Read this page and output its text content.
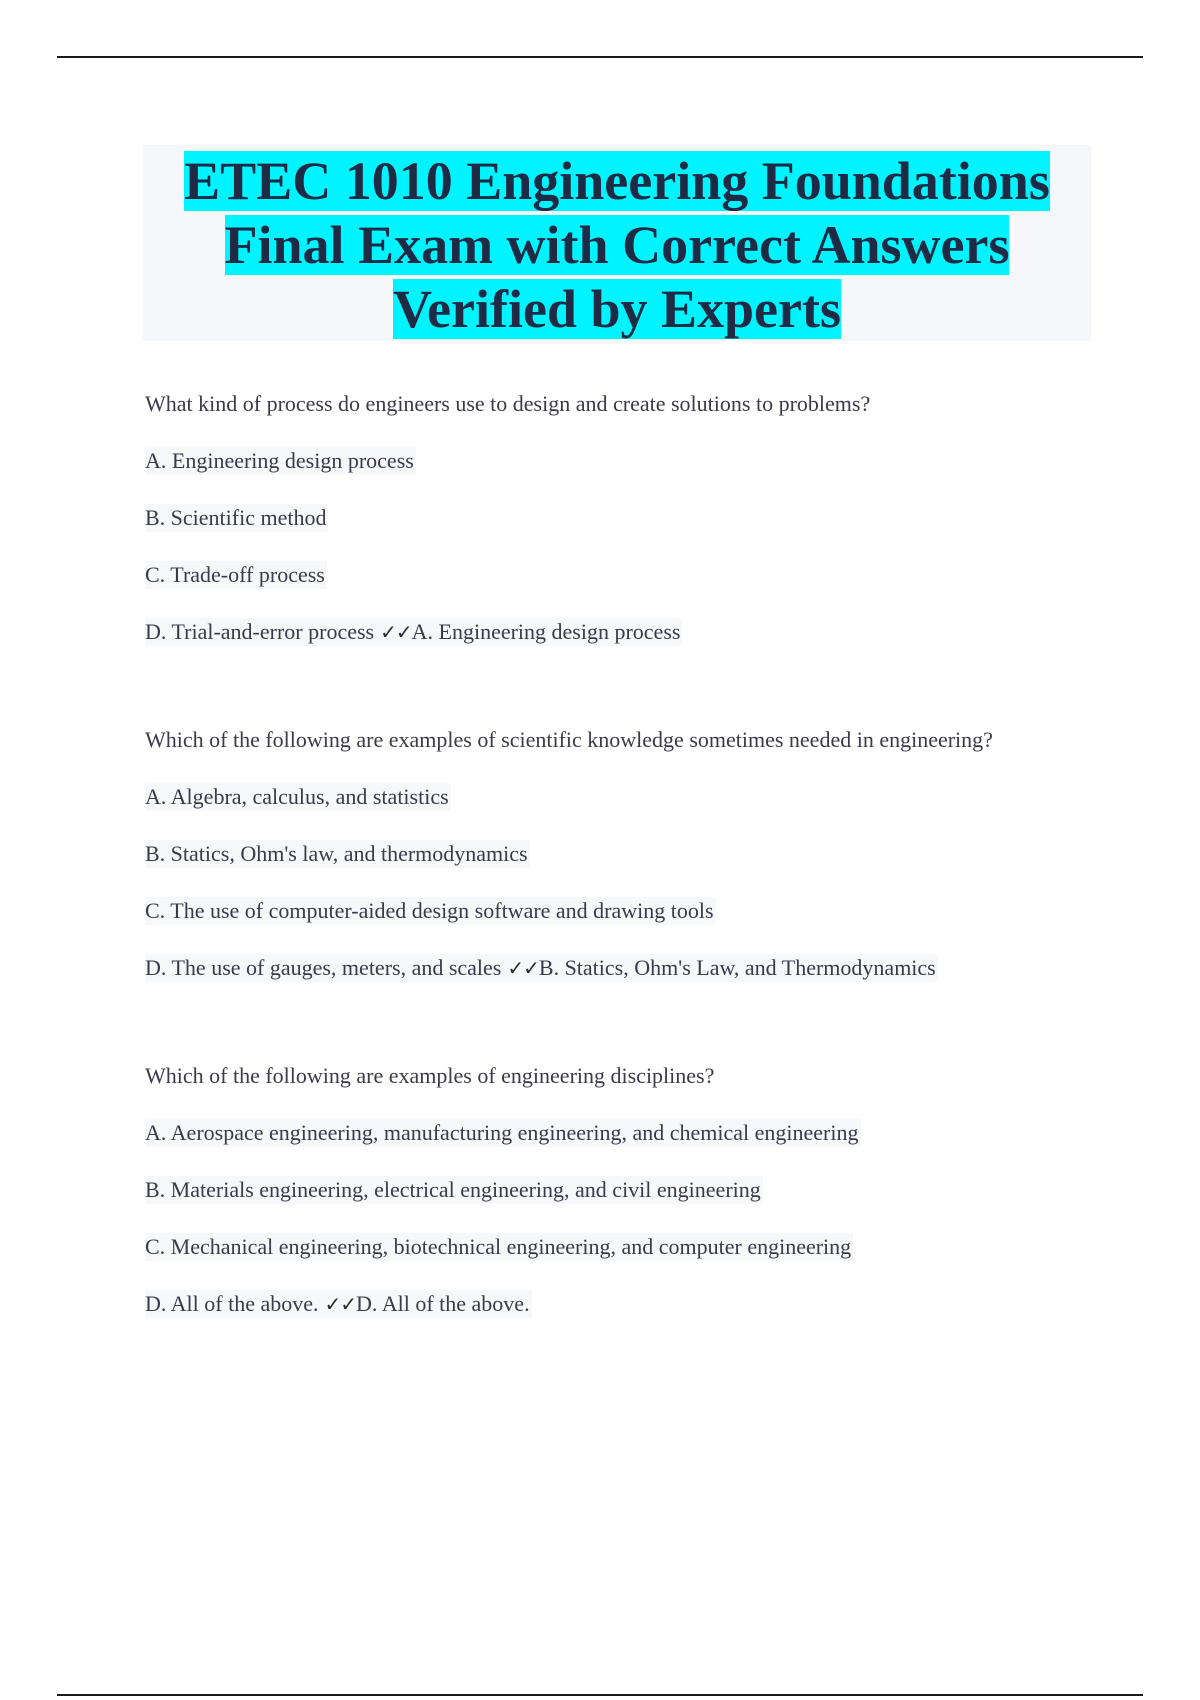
ETEC 1010 Engineering Foundations
Final Exam with Correct Answers
Verified by Experts
What kind of process do engineers use to design and create solutions to problems?
A. Engineering design process
B. Scientific method
C. Trade-off process
D. Trial-and-error process ✓✓A. Engineering design process
Which of the following are examples of scientific knowledge sometimes needed in engineering?
A. Algebra, calculus, and statistics
B. Statics, Ohm's law, and thermodynamics
C. The use of computer-aided design software and drawing tools
D. The use of gauges, meters, and scales ✓✓B. Statics, Ohm's Law, and Thermodynamics
Which of the following are examples of engineering disciplines?
A. Aerospace engineering, manufacturing engineering, and chemical engineering
B. Materials engineering, electrical engineering, and civil engineering
C. Mechanical engineering, biotechnical engineering, and computer engineering
D. All of the above. ✓✓D. All of the above.
